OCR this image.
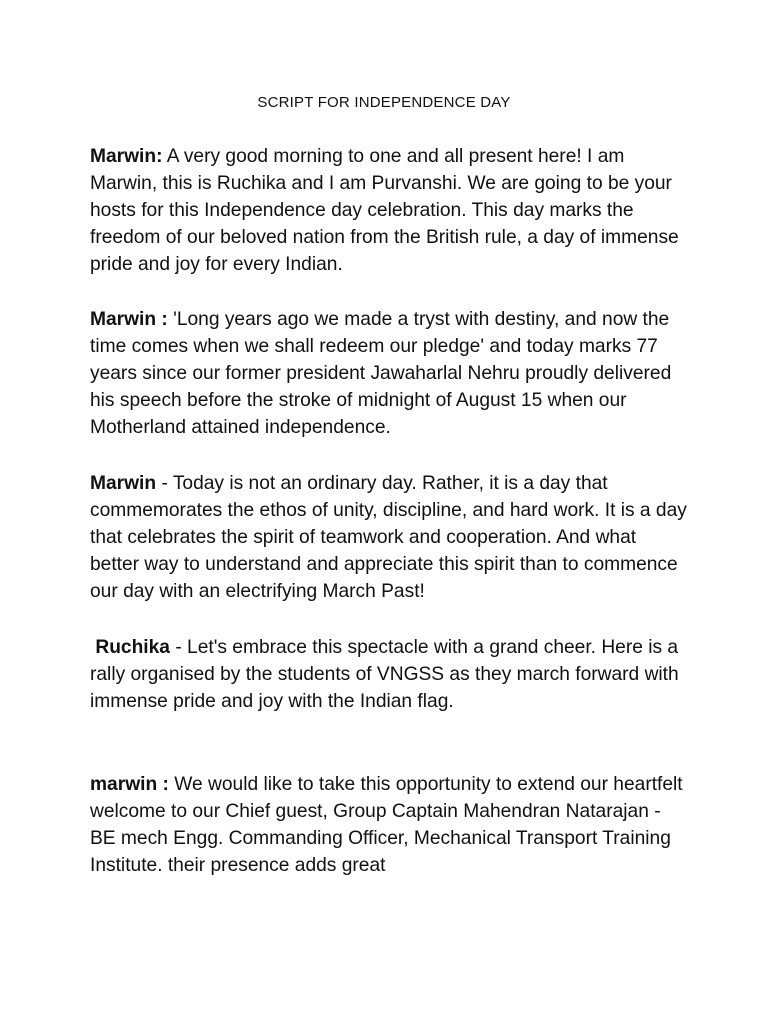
SCRIPT FOR INDEPENDENCE DAY

Marwin: A very good morning to one and all present here! I am Marwin, this is Ruchika and I am Purvanshi. We are going to be your hosts for this Independence day celebration. This day marks the freedom of our beloved nation from the British rule, a day of immense pride and joy for every Indian.

Marwin : 'Long years ago we made a tryst with destiny, and now the time comes when we shall redeem our pledge' and today marks 77 years since our former president Jawaharlal Nehru proudly delivered his speech before the stroke of midnight of August 15 when our Motherland attained independence.

Marwin - Today is not an ordinary day. Rather, it is a day that commemorates the ethos of unity, discipline, and hard work. It is a day that celebrates the spirit of teamwork and cooperation. And what better way to understand and appreciate this spirit than to commence our day with an electrifying March Past!

Ruchika - Let's embrace this spectacle with a grand cheer. Here is a rally organised by the students of VNGSS as they march forward with immense pride and joy with the Indian flag.

marwin : We would like to take this opportunity to extend our heartfelt welcome to our Chief guest, Group Captain Mahendran Natarajan - BE mech Engg. Commanding Officer, Mechanical Transport Training Institute. their presence adds great
